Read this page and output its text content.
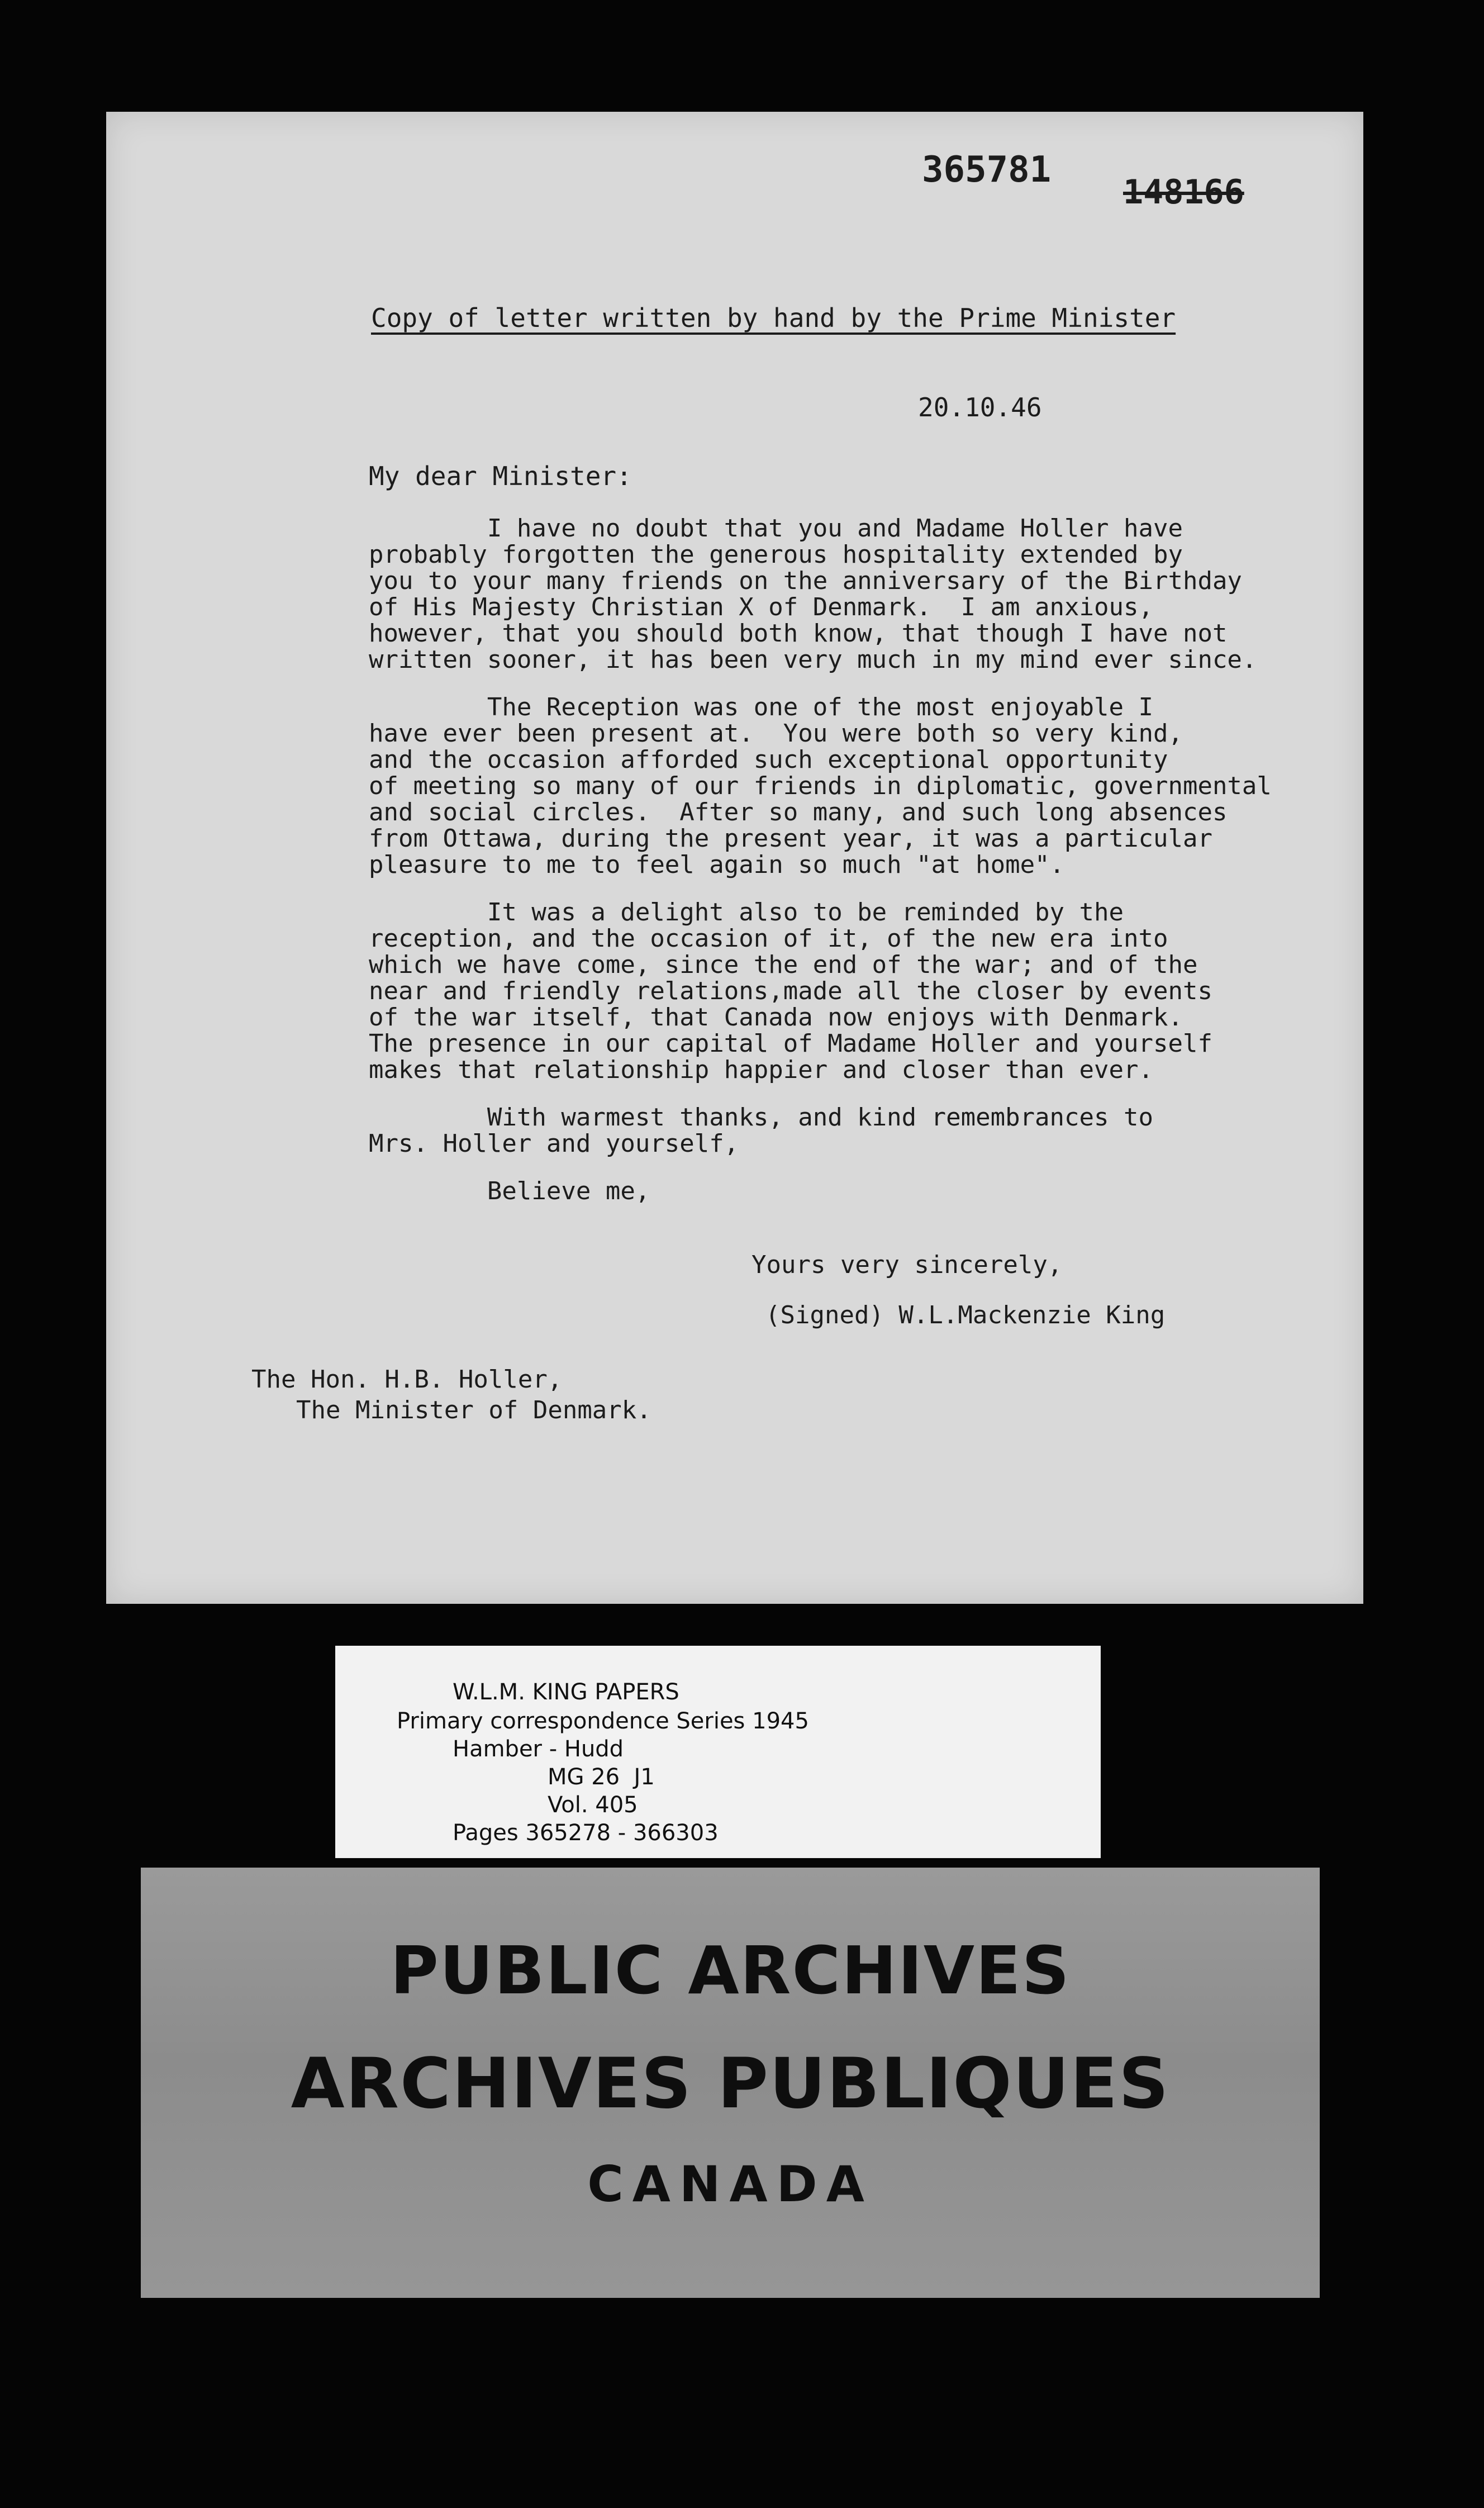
365781
148166
Copy of letter written by hand by the Prime Minister
20.10.46
My dear Minister:
I have no doubt that you and Madame Holler have
probably forgotten the generous hospitality extended by
you to your many friends on the anniversary of the Birthday
of His Majesty Christian X of Denmark.  I am anxious,
however, that you should both know, that though I have not
written sooner, it has been very much in my mind ever since.
The Reception was one of the most enjoyable I
have ever been present at.  You were both so very kind,
and the occasion afforded such exceptional opportunity
of meeting so many of our friends in diplomatic, governmental
and social circles.  After so many, and such long absences
from Ottawa, during the present year, it was a particular
pleasure to me to feel again so much "at home".
It was a delight also to be reminded by the
reception, and the occasion of it, of the new era into
which we have come, since the end of the war; and of the
near and friendly relations,made all the closer by events
of the war itself, that Canada now enjoys with Denmark.
The presence in our capital of Madame Holler and yourself
makes that relationship happier and closer than ever.
With warmest thanks, and kind remembrances to
Mrs. Holler and yourself,
Believe me,
Yours very sincerely,
(Signed) W.L.Mackenzie King
The Hon. H.B. Holler,
The Minister of Denmark.
W.L.M. KING PAPERS
Primary correspondence Series 1945
Hamber - Hudd
MG 26  J1
Vol. 405
Pages 365278 - 366303
PUBLIC ARCHIVES
ARCHIVES PUBLIQUES
CANADA
